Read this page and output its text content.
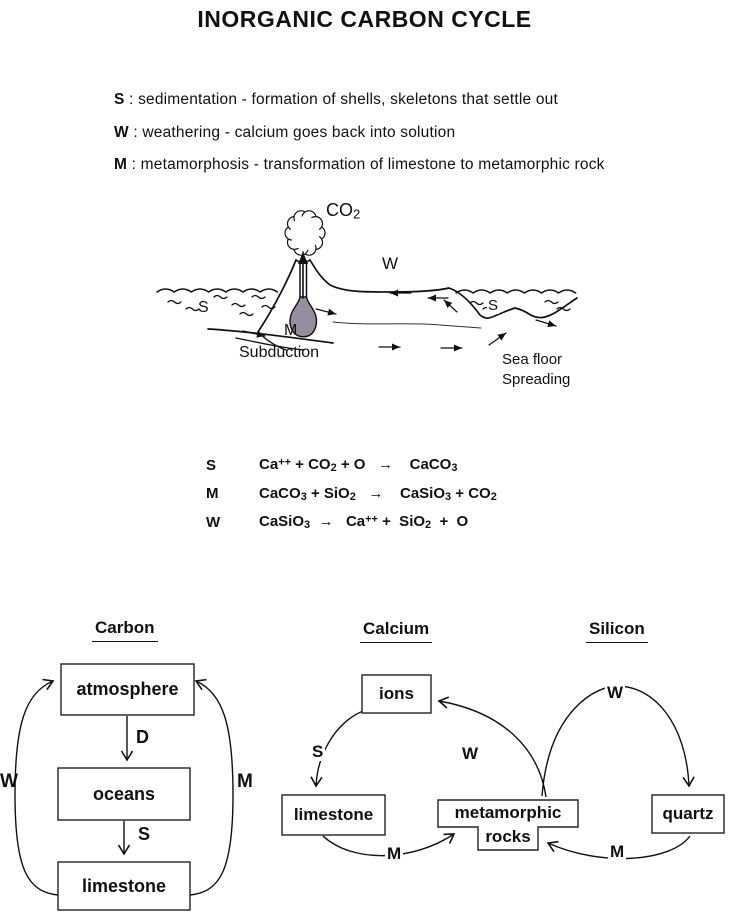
INORGANIC CARBON CYCLE

S : sedimentation - formation of shells, skeletons that settle out

W : weathering - calcium goes back into solution

M : metamorphosis - transformation of limestone to metamorphic rock

CO2
W
S
M
Subduction
S
Sea floor
Spreading
S	Ca++ + CO2 + O   →    CaCO3
M	CaCO3 + SiO2   →    CaSiO3 + CO2
W	CaSiO3  →   Ca++ +  SiO2  +  O
Carbon	Calcium	Silicon
atmosphere
oceans
limestone
ions
limestone	metamorphic
rocks
quartz
D
S
W	M
S	W
M
W
M
